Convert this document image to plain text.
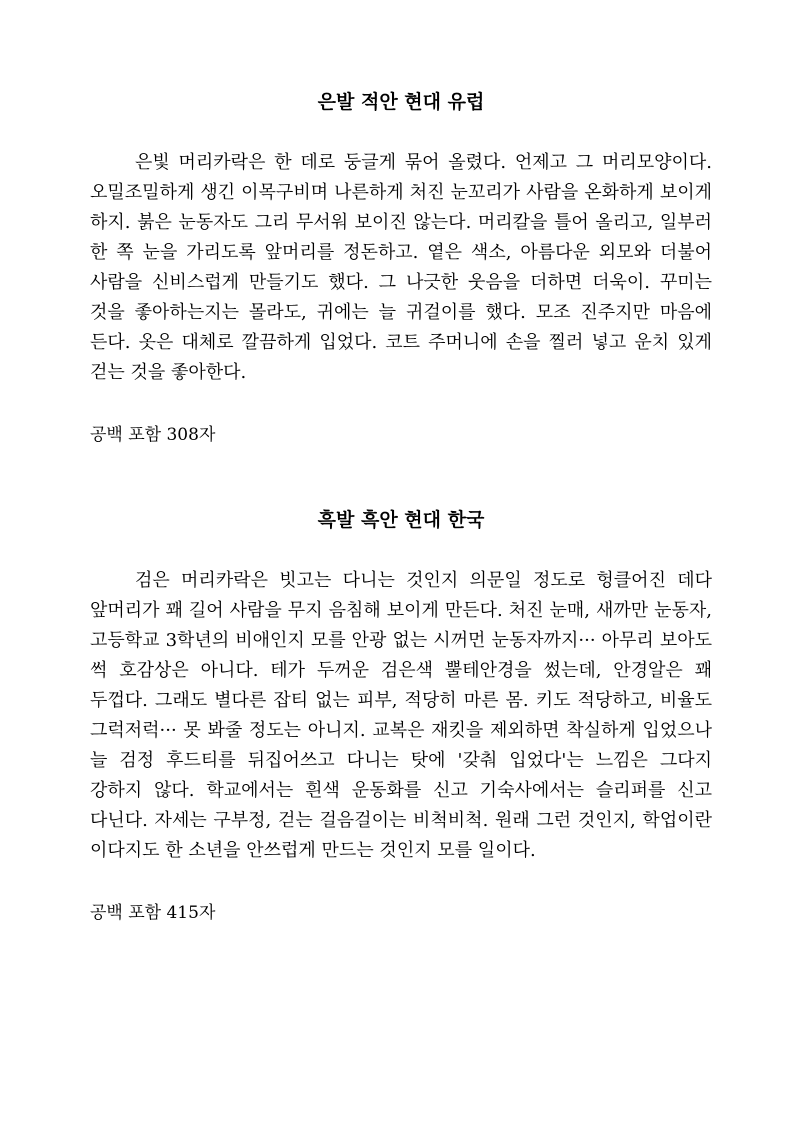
은발 적안 현대 유럽

은빛 머리카락은 한 데로 둥글게 묶어 올렸다. 언제고 그 머리모양이다. 오밀조밀하게 생긴 이목구비며 나른하게 처진 눈꼬리가 사람을 온화하게 보이게 하지. 붉은 눈동자도 그리 무서워 보이진 않는다. 머리칼을 틀어 올리고, 일부러 한 쪽 눈을 가리도록 앞머리를 정돈하고. 옅은 색소, 아름다운 외모와 더불어 사람을 신비스럽게 만들기도 했다. 그 나긋한 웃음을 더하면 더욱이. 꾸미는 것을 좋아하는지는 몰라도, 귀에는 늘 귀걸이를 했다. 모조 진주지만 마음에 든다. 옷은 대체로 깔끔하게 입었다. 코트 주머니에 손을 찔러 넣고 운치 있게 걷는 것을 좋아한다.

공백 포함 308자

흑발 흑안 현대 한국

검은 머리카락은 빗고는 다니는 것인지 의문일 정도로 헝클어진 데다 앞머리가 꽤 길어 사람을 무지 음침해 보이게 만든다. 처진 눈매, 새까만 눈동자, 고등학교 3학년의 비애인지 모를 안광 없는 시꺼먼 눈동자까지··· 아무리 보아도 썩 호감상은 아니다. 테가 두꺼운 검은색 뿔테안경을 썼는데, 안경알은 꽤 두껍다. 그래도 별다른 잡티 없는 피부, 적당히 마른 몸. 키도 적당하고, 비율도 그럭저럭··· 못 봐줄 정도는 아니지. 교복은 재킷을 제외하면 착실하게 입었으나 늘 검정 후드티를 뒤집어쓰고 다니는 탓에 '갖춰 입었다'는 느낌은 그다지 강하지 않다. 학교에서는 흰색 운동화를 신고 기숙사에서는 슬리퍼를 신고 다닌다. 자세는 구부정, 걷는 걸음걸이는 비척비척. 원래 그런 것인지, 학업이란 이다지도 한 소년을 안쓰럽게 만드는 것인지 모를 일이다.

공백 포함 415자
